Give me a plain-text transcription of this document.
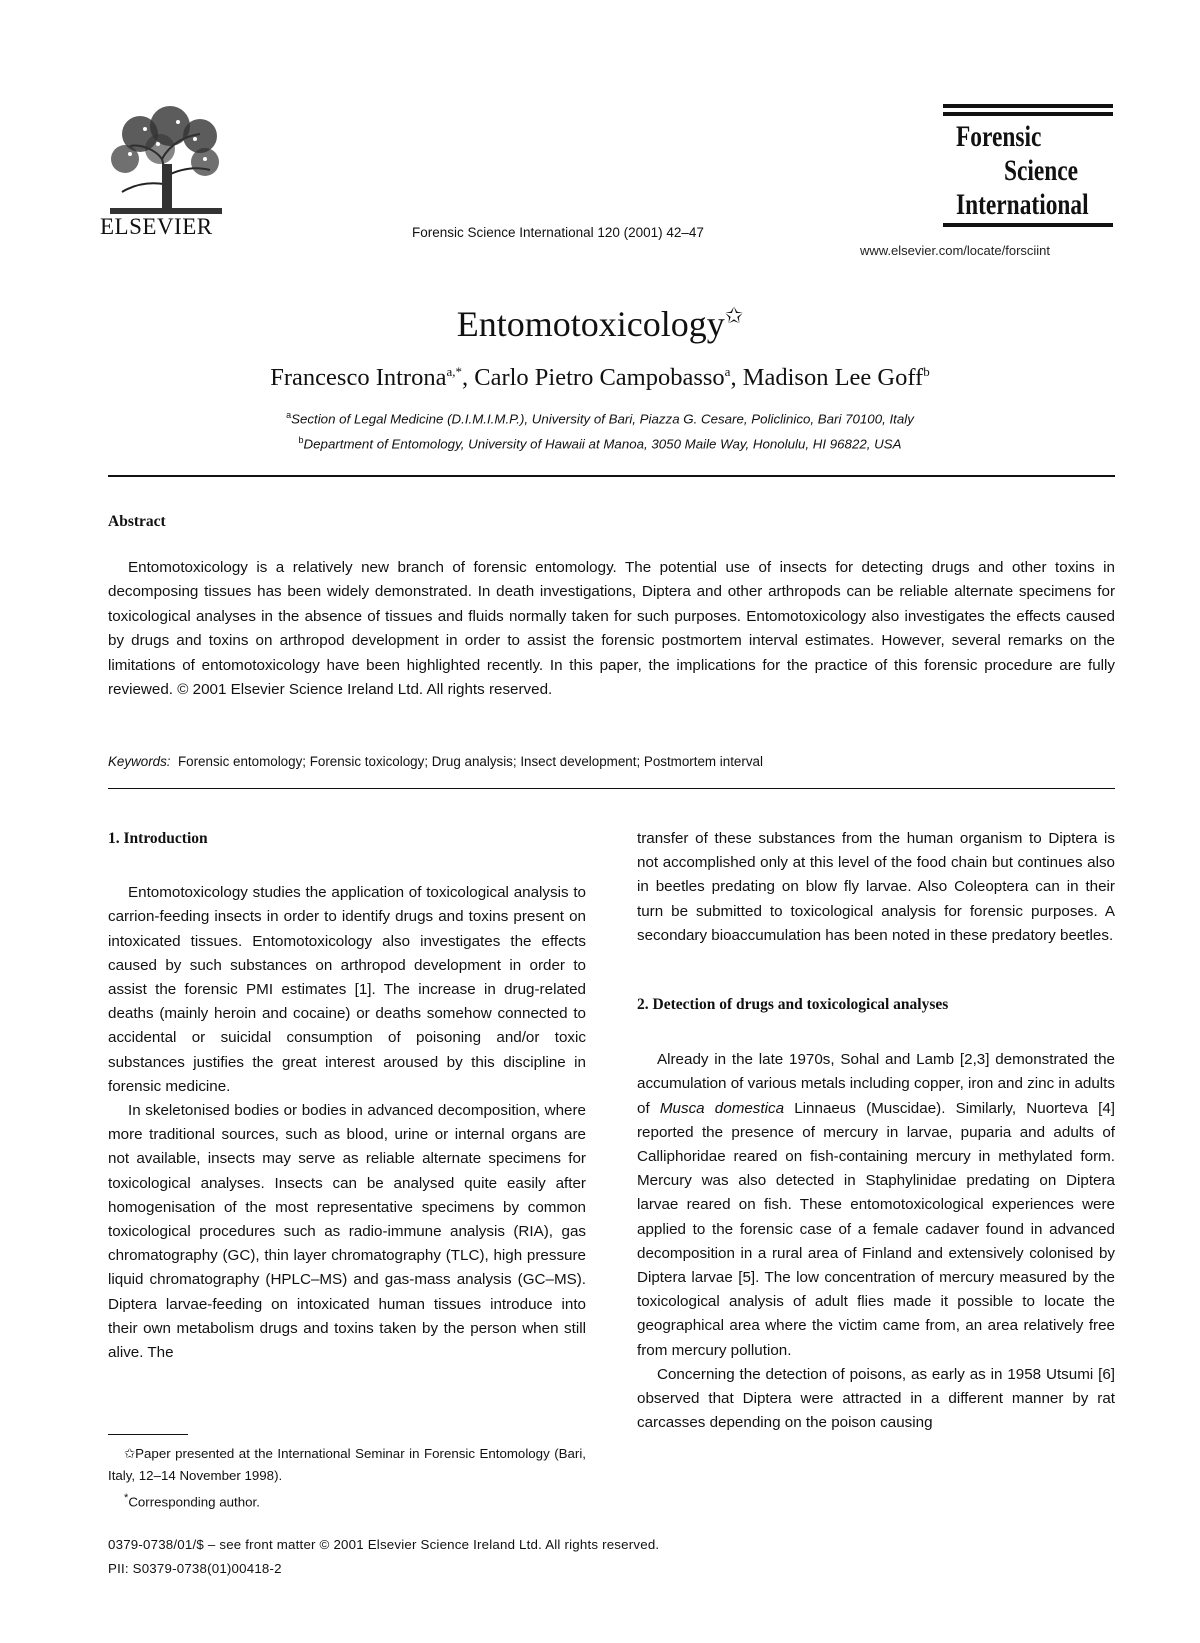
ELSEVIER	Forensic Science International 120 (2001) 42–47
Forensic
Science
International
www.elsevier.com/locate/forsciint
Entomotoxicology✩
Francesco Introna$^{a,*}$, Carlo Pietro Campobasso$^a$, Madison Lee Goff$^b$
$^a$Section of Legal Medicine (D.I.M.I.M.P.), University of Bari, Piazza G. Cesare, Policlinico, Bari 70100, Italy
$^b$Department of Entomology, University of Hawaii at Manoa, 3050 Maile Way, Honolulu, HI 96822, USA
Abstract
Entomotoxicology is a relatively new branch of forensic entomology. The potential use of insects for detecting drugs and other toxins in decomposing tissues has been widely demonstrated. In death investigations, Diptera and other arthropods can be reliable alternate specimens for toxicological analyses in the absence of tissues and fluids normally taken for such purposes. Entomotoxicology also investigates the effects caused by drugs and toxins on arthropod development in order to assist the forensic postmortem interval estimates. However, several remarks on the limitations of entomotoxicology have been highlighted recently. In this paper, the implications for the practice of this forensic procedure are fully reviewed. © 2001 Elsevier Science Ireland Ltd. All rights reserved.
Keywords: Forensic entomology; Forensic toxicology; Drug analysis; Insect development; Postmortem interval
1. Introduction

Entomotoxicology studies the application of toxicological analysis to carrion-feeding insects in order to identify drugs and toxins present on intoxicated tissues. Entomotoxicology also investigates the effects caused by such substances on arthropod development in order to assist the forensic PMI estimates [1]. The increase in drug-related deaths (mainly heroin and cocaine) or deaths somehow connected to accidental or suicidal consumption of poisoning and/or toxic substances justifies the great interest aroused by this discipline in forensic medicine.

In skeletonised bodies or bodies in advanced decomposition, where more traditional sources, such as blood, urine or internal organs are not available, insects may serve as reliable alternate specimens for toxicological analyses. Insects can be analysed quite easily after homogenisation of the most representative specimens by common toxicological procedures such as radio-immune analysis (RIA), gas chromatography (GC), thin layer chromatography (TLC), high pressure liquid chromatography (HPLC–MS) and gas-mass analysis (GC–MS). Diptera larvae-feeding on intoxicated human tissues introduce into their own metabolism drugs and toxins taken by the person when still alive. The

transfer of these substances from the human organism to Diptera is not accomplished only at this level of the food chain but continues also in beetles predating on blow fly larvae. Also Coleoptera can in their turn be submitted to toxicological analysis for forensic purposes. A secondary bioaccumulation has been noted in these predatory beetles.

2. Detection of drugs and toxicological analyses

Already in the late 1970s, Sohal and Lamb [2,3] demonstrated the accumulation of various metals including copper, iron and zinc in adults of Musca domestica Linnaeus (Muscidae). Similarly, Nuorteva [4] reported the presence of mercury in larvae, puparia and adults of Calliphoridae reared on fish-containing mercury in methylated form. Mercury was also detected in Staphylinidae predating on Diptera larvae reared on fish. These entomotoxicological experiences were applied to the forensic case of a female cadaver found in advanced decomposition in a rural area of Finland and extensively colonised by Diptera larvae [5]. The low concentration of mercury measured by the toxicological analysis of adult flies made it possible to locate the geographical area where the victim came from, an area relatively free from mercury pollution.

Concerning the detection of poisons, as early as in 1958 Utsumi [6] observed that Diptera were attracted in a different manner by rat carcasses depending on the poison causing

✩Paper presented at the International Seminar in Forensic Entomology (Bari, Italy, 12–14 November 1998).
*Corresponding author.
0379-0738/01/$ – see front matter © 2001 Elsevier Science Ireland Ltd. All rights reserved.
PII: S0379-0738(01)00418-2
